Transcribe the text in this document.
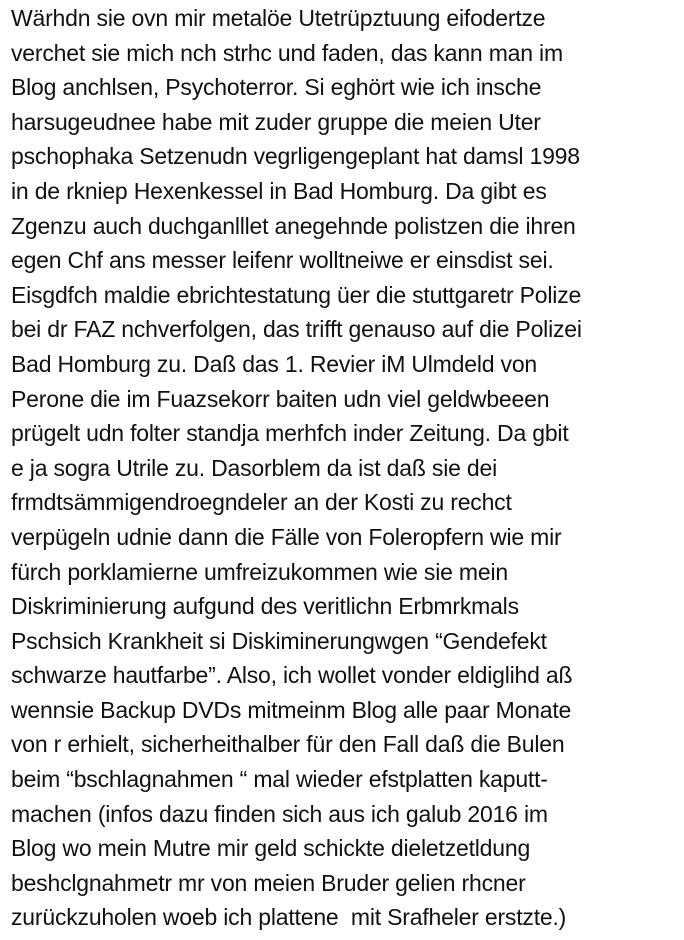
Wärhdn sie ovn mir metalöe Utetrüpztuung eifodertze
verchet sie mich nch strhc und faden, das kann man im
Blog anchlsen, Psychoterror. Si eghört wie ich insche
harsugeudnee habe mit zuder gruppe die meien Uter
pschophaka Setzenudn vegrligengeplant hat damsl 1998
in de rkniep Hexenkessel in Bad Homburg. Da gibt es
Zgenzu auch duchganlllet anegehnde polistzen die ihren
egen Chf ans messer leifenr wolltneiwe er einsdist sei.
Eisgdfch maldie ebrichtestatung üer die stuttgaretr Polize
bei dr FAZ nchverfolgen, das trifft genauso auf die Polizei
Bad Homburg zu. Daß das 1. Revier iM Ulmdeld von
Perone die im Fuazsekorr baiten udn viel geldwbeeen
prügelt udn folter standja merhfch inder Zeitung. Da gbit
e ja sogra Utrile zu. Dasorblem da ist daß sie dei
frmdtsämmigendroegndeler an der Kosti zu rechct
verpügeln udnie dann die Fälle von Foleropfern wie mir
fürch porklamierne umfreizukommen wie sie mein
Diskriminierung aufgund des veritlichn Erbmrkmals
Pschsich Krankheit si Diskiminerungwgen “Gendefekt
schwarze hautfarbe”. Also, ich wollet vonder eldiglihd aß
wennsie Backup DVDs mitmeinm Blog alle paar Monate
von r erhielt, sicherheithalber für den Fall daß die Bulen
beim “bschlagnahmen “ mal wieder efstplatten kaputt-
machen (infos dazu finden sich aus ich galub 2016 im
Blog wo mein Mutre mir geld schickte dieletzetldung
beshclgnahmetr mr von meien Bruder gelien rhcner
zurückzuholen woeb ich plattene  mit Srafheler erstzte.)
